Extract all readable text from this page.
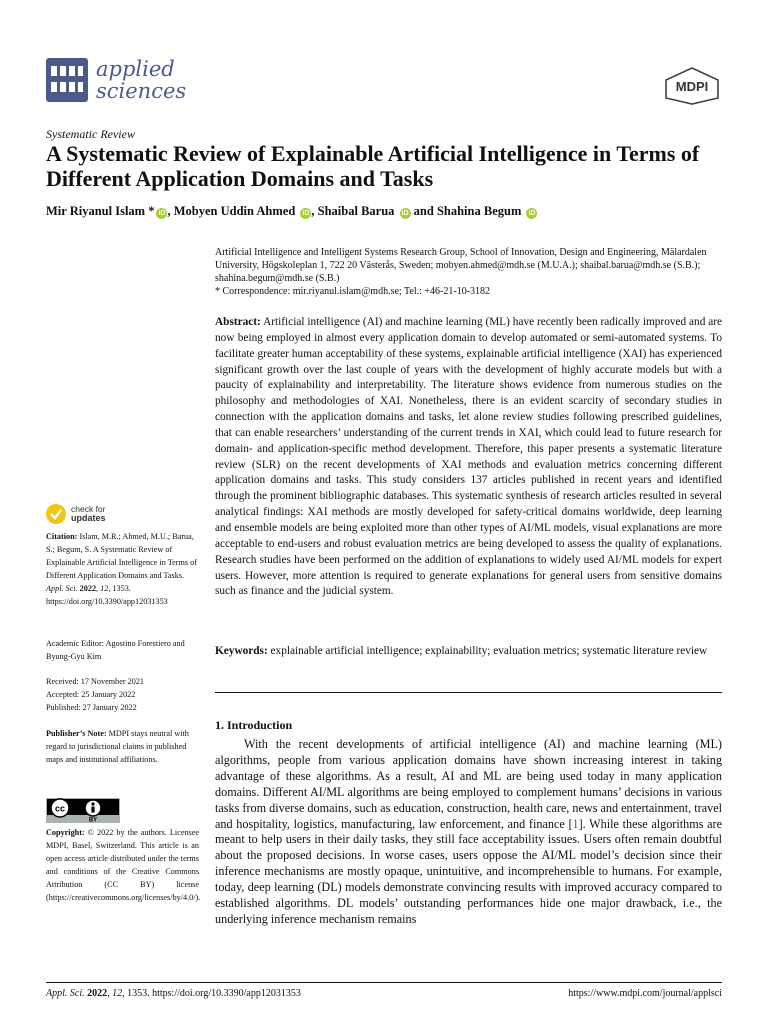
applied
sciences	MDPI
Systematic Review
A Systematic Review of Explainable Artificial Intelligence in Terms of Different Application Domains and Tasks
Mir Riyanul Islam * iD , Mobyen Uddin Ahmed iD , Shaibal Barua iD and Shahina Begum iD
Artificial Intelligence and Intelligent Systems Research Group, School of Innovation, Design and Engineering, Mälardalen University, Högskoleplan 1, 722 20 Västerås, Sweden; mobyen.ahmed@mdh.se (M.U.A.); shaibal.barua@mdh.se (S.B.); shahina.begum@mdh.se (S.B.)
* Correspondence: mir.riyanul.islam@mdh.se; Tel.: +46-21-10-3182
Abstract: Artificial intelligence (AI) and machine learning (ML) have recently been radically improved and are now being employed in almost every application domain to develop automated or semi-automated systems. To facilitate greater human acceptability of these systems, explainable artificial intelligence (XAI) has experienced significant growth over the last couple of years with the development of highly accurate models but with a paucity of explainability and interpretability. The literature shows evidence from numerous studies on the philosophy and methodologies of XAI. Nonetheless, there is an evident scarcity of secondary studies in connection with the application domains and tasks, let alone review studies following prescribed guidelines, that can enable researchers’ understanding of the current trends in XAI, which could lead to future research for domain- and application-specific method development. Therefore, this paper presents a systematic literature review (SLR) on the recent developments of XAI methods and evaluation metrics concerning different application domains and tasks. This study considers 137 articles published in recent years and identified through the prominent bibliographic databases. This systematic synthesis of research articles resulted in several analytical findings: XAI methods are mostly developed for safety-critical domains worldwide, deep learning and ensemble models are being exploited more than other types of AI/ML models, visual explanations are more acceptable to end-users and robust evaluation metrics are being developed to assess the quality of explanations. Research studies have been performed on the addition of explanations to widely used AI/ML models for expert users. However, more attention is required to generate explanations for general users from sensitive domains such as finance and the judicial system.
Keywords: explainable artificial intelligence; explainability; evaluation metrics; systematic literature review
1. Introduction
With the recent developments of artificial intelligence (AI) and machine learning (ML) algorithms, people from various application domains have shown increasing interest in taking advantage of these algorithms. As a result, AI and ML are being used today in many application domains. Different AI/ML algorithms are being employed to complement humans’ decisions in various tasks from diverse domains, such as education, construction, health care, news and entertainment, travel and hospitality, logistics, manufacturing, law enforcement, and finance [1]. While these algorithms are meant to help users in their daily tasks, they still face acceptability issues. Users often remain doubtful about the proposed decisions. In worse cases, users oppose the AI/ML model’s decision since their inference mechanisms are mostly opaque, unintuitive, and incomprehensible to humans. For example, today, deep learning (DL) models demonstrate convincing results with improved accuracy compared to established algorithms. DL models’ outstanding performances hide one major drawback, i.e., the underlying inference mechanism remains
check for
updates
Citation: Islam, M.R.; Ahmed, M.U.; Barua, S.; Begum, S. A Systematic Review of Explainable Artificial Intelligence in Terms of Different Application Domains and Tasks. Appl. Sci. 2022, 12, 1353. https://doi.org/10.3390/app12031353
Academic Editor: Agostino Forestiero and Byung-Gyu Kim
Received: 17 November 2021
Accepted: 25 January 2022
Published: 27 January 2022
Publisher’s Note: MDPI stays neutral with regard to jurisdictional claims in published maps and institutional affiliations.
cc
BY
Copyright: © 2022 by the authors. Licensee MDPI, Basel, Switzerland. This article is an open access article distributed under the terms and conditions of the Creative Commons Attribution (CC BY) license (https://creativecommons.org/licenses/by/4.0/).
Appl. Sci. 2022, 12, 1353. https://doi.org/10.3390/app12031353	https://www.mdpi.com/journal/applsci
